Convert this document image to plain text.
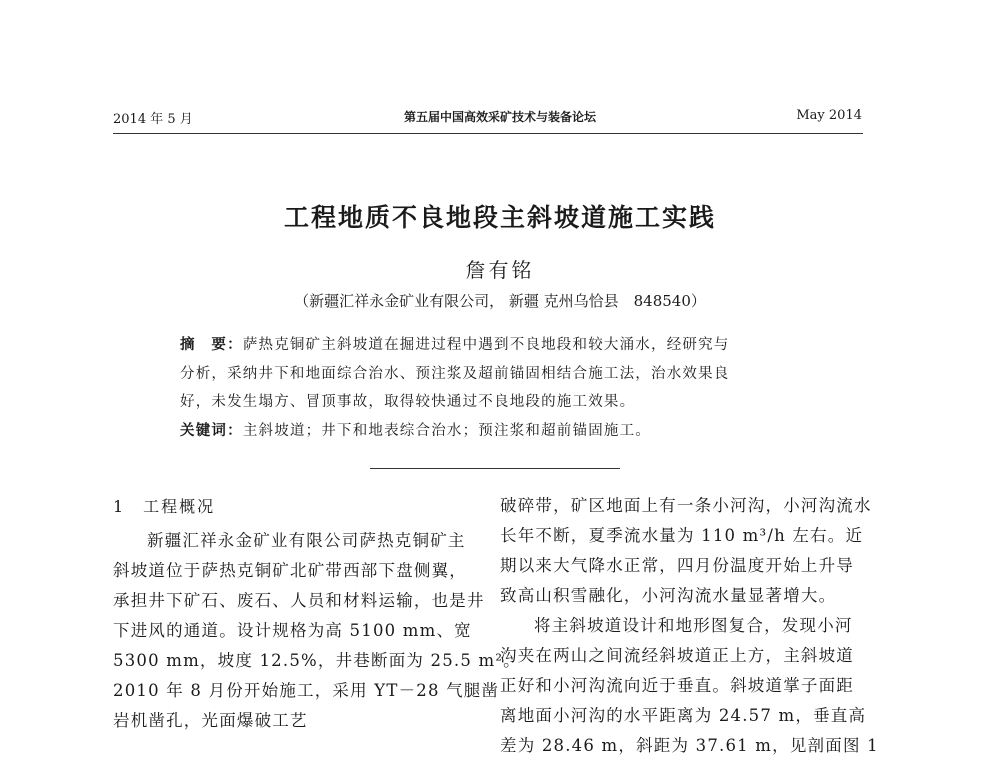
2014 年 5 月	第五届中国高效采矿技术与装备论坛	May 2014
工程地质不良地段主斜坡道施工实践
詹有铭
（新疆汇祥永金矿业有限公司， 新疆 克州乌恰县　848540）
摘　要：萨热克铜矿主斜坡道在掘进过程中遇到不良地段和较大涌水，经研究与
分析，采纳井下和地面综合治水、预注浆及超前锚固相结合施工法，治水效果良
好，未发生塌方、冒顶事故，取得较快通过不良地段的施工效果。
关键词：主斜坡道；井下和地表综合治水；预注浆和超前锚固施工。
1　工程概况
新疆汇祥永金矿业有限公司萨热克铜矿主
斜坡道位于萨热克铜矿北矿带西部下盘侧翼，
承担井下矿石、废石、人员和材料运输，也是井
下进风的通道。设计规格为高 5100 mm、宽
5300 mm，坡度 12.5%，井巷断面为 25.5 m²。
2010 年 8 月份开始施工，采用 YT－28 气腿凿
岩机凿孔，光面爆破工艺
破碎带，矿区地面上有一条小河沟，小河沟流水
长年不断，夏季流水量为 110 m³/h 左右。近
期以来大气降水正常，四月份温度开始上升导
致高山积雪融化，小河沟流水量显著增大。
将主斜坡道设计和地形图复合，发现小河
沟夹在两山之间流经斜坡道正上方，主斜坡道
正好和小河沟流向近于垂直。斜坡道掌子面距
离地面小河沟的水平距离为 24.57 m，垂直高
差为 28.46 m，斜距为 37.61 m，见剖面图 1
